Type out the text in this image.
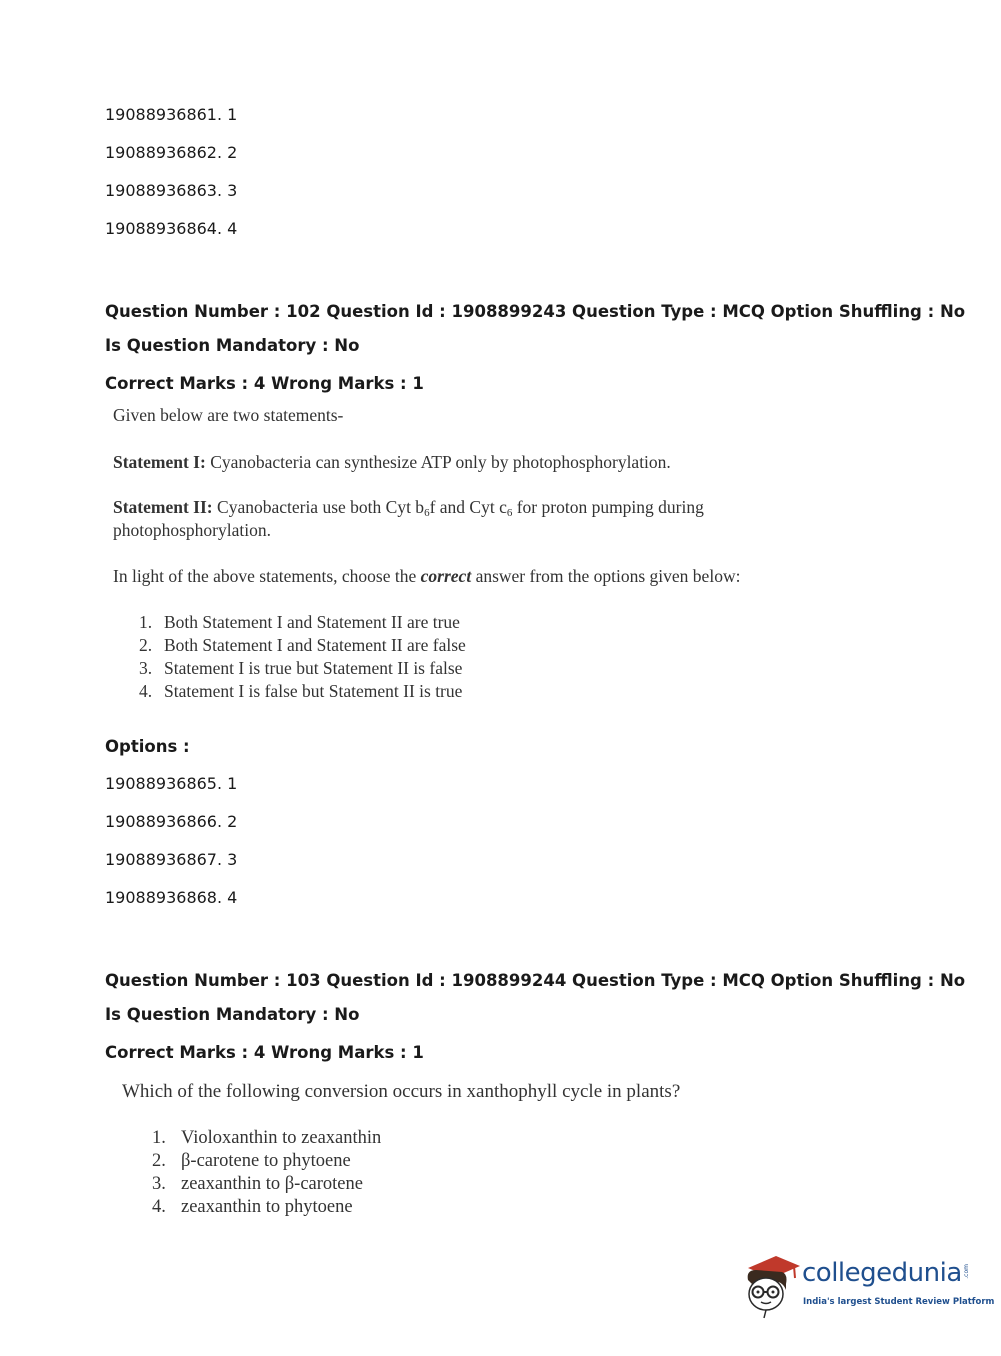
19088936861. 1
19088936862. 2
19088936863. 3
19088936864. 4
Question Number : 102 Question Id : 1908899243 Question Type : MCQ Option Shuffling : No
Is Question Mandatory : No
Correct Marks : 4 Wrong Marks : 1
Given below are two statements-
Statement I: Cyanobacteria can synthesize ATP only by photophosphorylation.
Statement II: Cyanobacteria use both Cyt $b_6f$ and Cyt $c_6$ for proton pumping during
photophosphorylation.
In light of the above statements, choose the correct answer from the options given below:
1. Both Statement I and Statement II are true
2. Both Statement I and Statement II are false
3. Statement I is true but Statement II is false
4. Statement I is false but Statement II is true
Options :
19088936865. 1
19088936866. 2
19088936867. 3
19088936868. 4
Question Number : 103 Question Id : 1908899244 Question Type : MCQ Option Shuffling : No
Is Question Mandatory : No
Correct Marks : 4 Wrong Marks : 1
Which of the following conversion occurs in xanthophyll cycle in plants?
1. Violoxanthin to zeaxanthin
2. β-carotene to phytoene
3. zeaxanthin to β-carotene
4. zeaxanthin to phytoene
collegedunia .com
India's largest Student Review Platform
